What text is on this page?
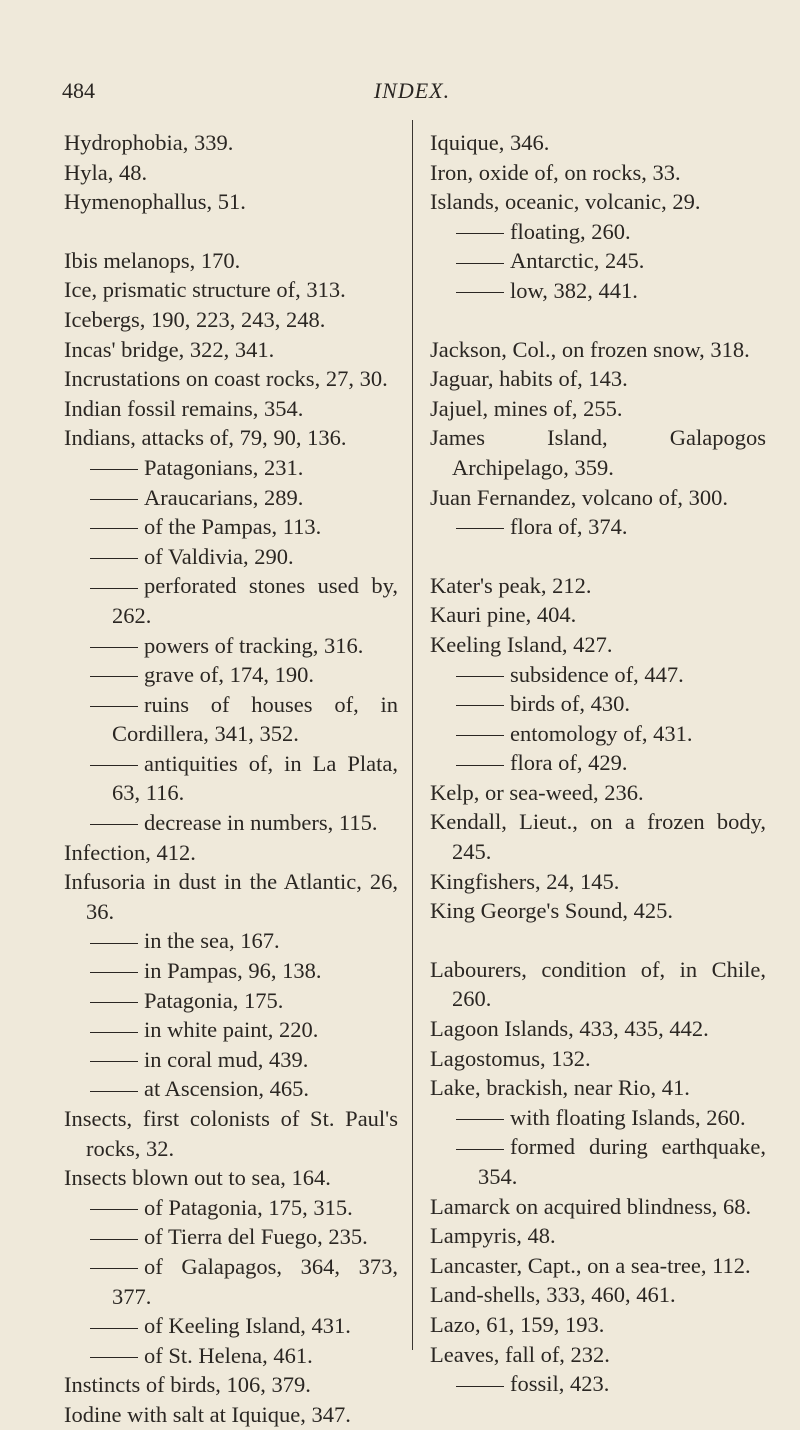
484	INDEX.
Hydrophobia, 339.
Hyla, 48.
Hymenophallus, 51.
Ibis melanops, 170.
Ice, prismatic structure of, 313.
Icebergs, 190, 223, 243, 248.
Incas' bridge, 322, 341.
Incrustations on coast rocks, 27, 30.
Indian fossil remains, 354.
Indians, attacks of, 79, 90, 136.
Patagonians, 231.
Araucarians, 289.
of the Pampas, 113.
of Valdivia, 290.
perforated stones used by, 262.
powers of tracking, 316.
grave of, 174, 190.
ruins of houses of, in Cordillera, 341, 352.
antiquities of, in La Plata, 63, 116.
decrease in numbers, 115.
Infection, 412.
Infusoria in dust in the Atlantic, 26, 36.
in the sea, 167.
in Pampas, 96, 138.
Patagonia, 175.
in white paint, 220.
in coral mud, 439.
at Ascension, 465.
Insects, first colonists of St. Paul's rocks, 32.
Insects blown out to sea, 164.
of Patagonia, 175, 315.
of Tierra del Fuego, 235.
of Galapagos, 364, 373, 377.
of Keeling Island, 431.
of St. Helena, 461.
Instincts of birds, 106, 379.
Iodine with salt at Iquique, 347.
Iquique, 346.
Iron, oxide of, on rocks, 33.
Islands, oceanic, volcanic, 29.
floating, 260.
Antarctic, 245.
low, 382, 441.
Jackson, Col., on frozen snow, 318.
Jaguar, habits of, 143.
Jajuel, mines of, 255.
James Island, Galapogos Archipelago, 359.
Juan Fernandez, volcano of, 300.
flora of, 374.
Kater's peak, 212.
Kauri pine, 404.
Keeling Island, 427.
subsidence of, 447.
birds of, 430.
entomology of, 431.
flora of, 429.
Kelp, or sea-weed, 236.
Kendall, Lieut., on a frozen body, 245.
Kingfishers, 24, 145.
King George's Sound, 425.
Labourers, condition of, in Chile, 260.
Lagoon Islands, 433, 435, 442.
Lagostomus, 132.
Lake, brackish, near Rio, 41.
with floating Islands, 260.
formed during earthquake, 354.
Lamarck on acquired blindness, 68.
Lampyris, 48.
Lancaster, Capt., on a sea-tree, 112.
Land-shells, 333, 460, 461.
Lazo, 61, 159, 193.
Leaves, fall of, 232.
fossil, 423.
